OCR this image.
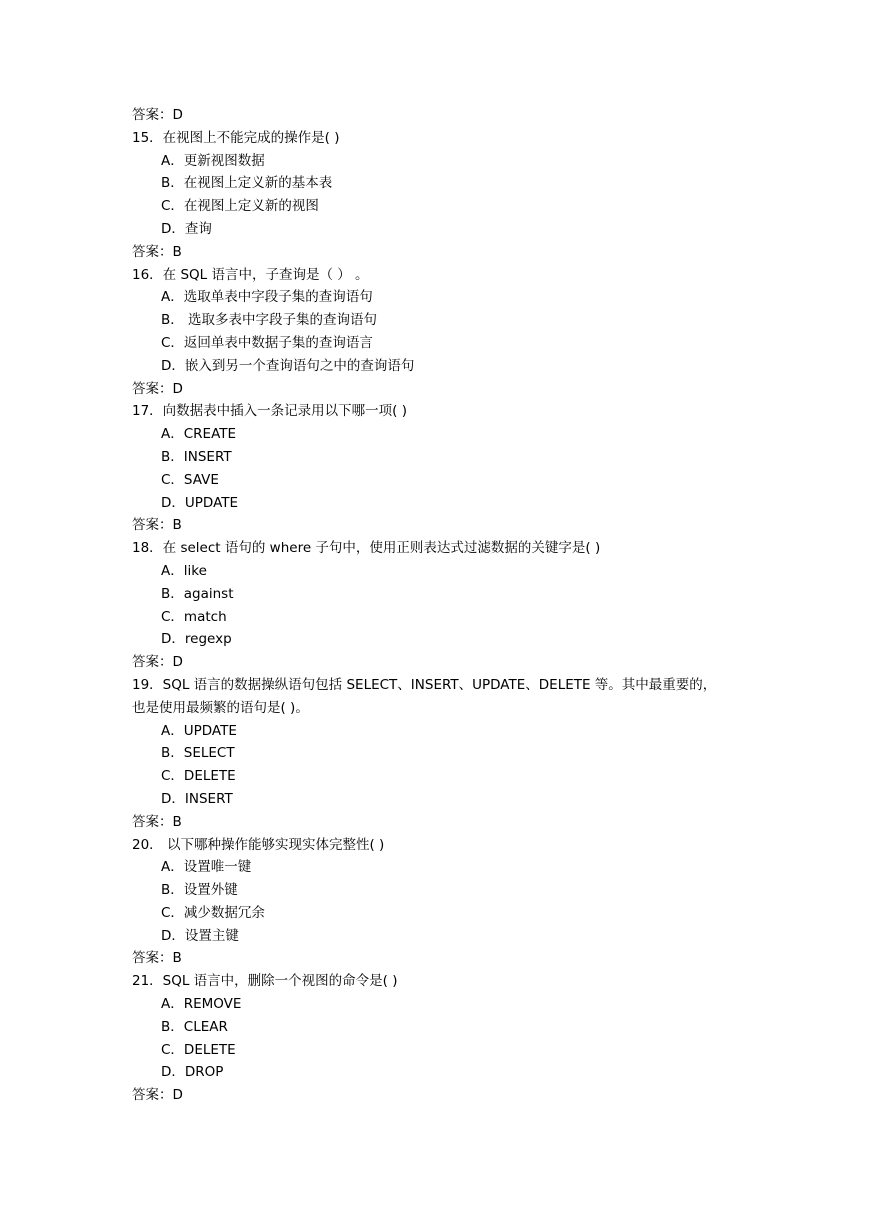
答案：D
15．在视图上不能完成的操作是( )
A．更新视图数据
B．在视图上定义新的基本表
C．在视图上定义新的视图
D．查询
答案：B
16．在 SQL 语言中，子查询是（ ） 。
A．选取单表中字段子集的查询语句
B． 选取多表中字段子集的查询语句
C．返回单表中数据子集的查询语言
D．嵌入到另一个查询语句之中的查询语句
答案：D
17．向数据表中插入一条记录用以下哪一项( )
A．CREATE
B．INSERT
C．SAVE
D．UPDATE
答案：B
18．在 select 语句的 where 子句中，使用正则表达式过滤数据的关键字是( )
A．like
B．against
C．match
D．regexp
答案：D
19．SQL 语言的数据操纵语句包括 SELECT、INSERT、UPDATE、DELETE 等。其中最重要的，
也是使用最频繁的语句是( )。
A．UPDATE
B．SELECT
C．DELETE
D．INSERT
答案：B
20． 以下哪种操作能够实现实体完整性( )
A．设置唯一键
B．设置外键
C．减少数据冗余
D．设置主键
答案：B
21．SQL 语言中，删除一个视图的命令是( )
A．REMOVE
B．CLEAR
C．DELETE
D．DROP
答案：D
